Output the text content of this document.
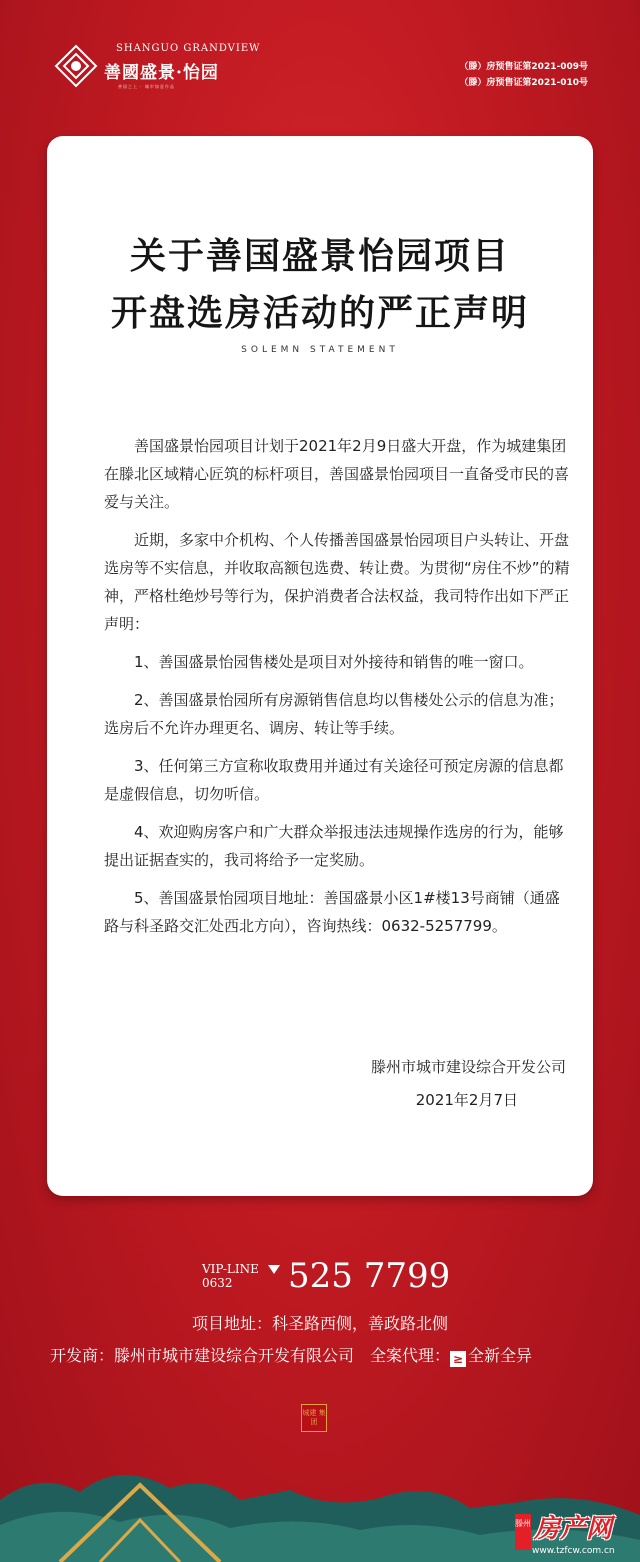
SHANGUO GRANDVIEW
善國盛景·怡园
善国之上 · 城市如意作品
（滕）房预售证第2021-009号
（滕）房预售证第2021-010号
关于善国盛景怡园项目
开盘选房活动的严正声明
SOLEMN STATEMENT

善国盛景怡园项目计划于2021年2月9日盛大开盘，作为城建集团在滕北区域精心匠筑的标杆项目，善国盛景怡园项目一直备受市民的喜爱与关注。

近期，多家中介机构、个人传播善国盛景怡园项目户头转让、开盘选房等不实信息，并收取高额包选费、转让费。为贯彻“房住不炒”的精神，严格杜绝炒号等行为，保护消费者合法权益，我司特作出如下严正声明：

1、善国盛景怡园售楼处是项目对外接待和销售的唯一窗口。

2、善国盛景怡园所有房源销售信息均以售楼处公示的信息为准；选房后不允许办理更名、调房、转让等手续。

3、任何第三方宣称收取费用并通过有关途径可预定房源的信息都是虚假信息，切勿听信。

4、欢迎购房客户和广大群众举报违法违规操作选房的行为，能够提出证据查实的，我司将给予一定奖励。

5、善国盛景怡园项目地址：善国盛景小区1#楼13号商铺（通盛路与科圣路交汇处西北方向），咨询热线：0632-5257799。

滕州市城市建设综合开发公司
2021年2月7日
VIP-LINE
0632	525 7799
项目地址：科圣路西侧，善政路北侧
开发商：滕州市城市建设综合开发有限公司　全案代理： ≥ 全新全异
城建 集团
滕州 房产网
www.tzfcw.com.cn
